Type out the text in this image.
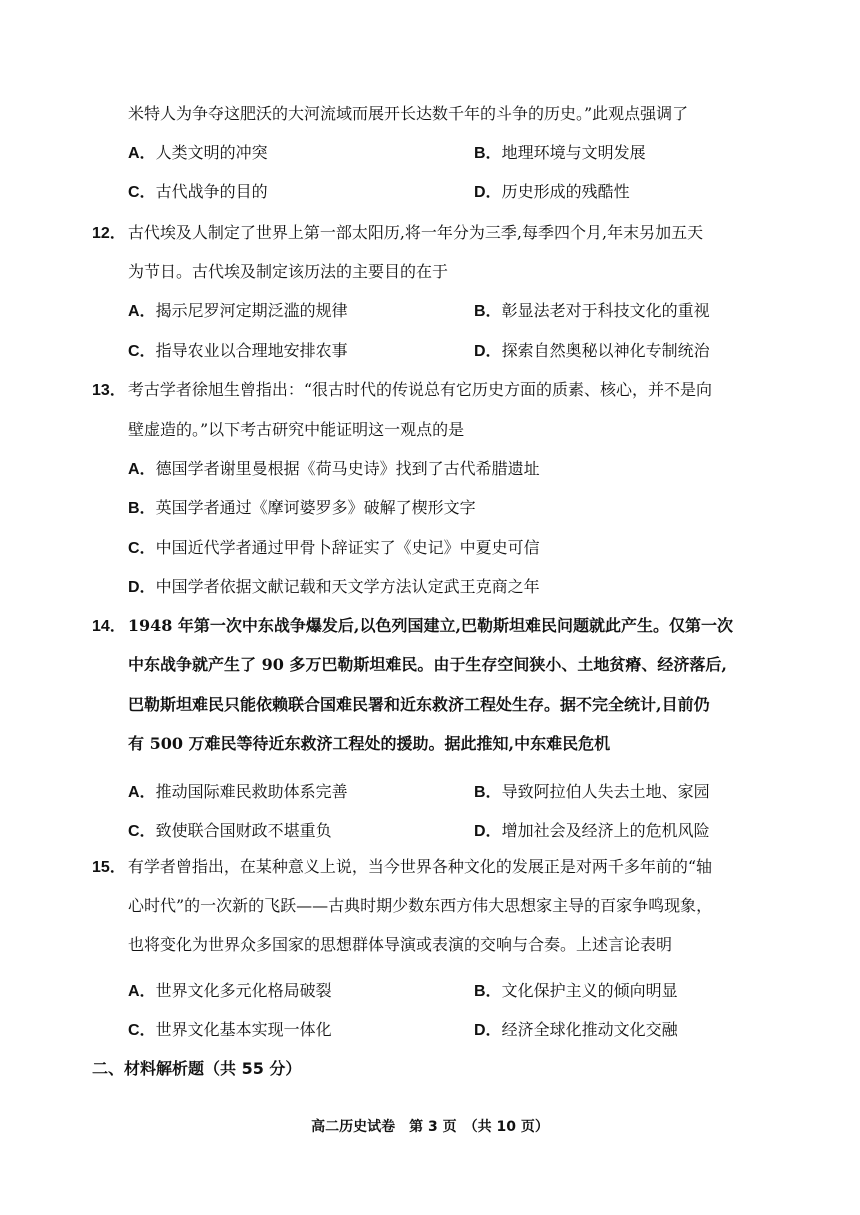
米特人为争夺这肥沃的大河流域而展开长达数千年的斗争的历史。”此观点强调了
A．人类文明的冲突	B．地理环境与文明发展
C．古代战争的目的	D．历史形成的残酷性
12． 古代埃及人制定了世界上第一部太阳历,将一年分为三季,每季四个月,年末另加五天
为节日。古代埃及制定该历法的主要目的在于
A．揭示尼罗河定期泛滥的规律	B．彰显法老对于科技文化的重视
C．指导农业以合理地安排农事	D．探索自然奥秘以神化专制统治
13． 考古学者徐旭生曾指出：“很古时代的传说总有它历史方面的质素、核心，并不是向
壁虚造的。”以下考古研究中能证明这一观点的是
A．德国学者谢里曼根据《荷马史诗》找到了古代希腊遗址
B．英国学者通过《摩诃婆罗多》破解了楔形文字
C．中国近代学者通过甲骨卜辞证实了《史记》中夏史可信
D．中国学者依据文献记载和天文学方法认定武王克商之年
14． 1948 年第一次中东战争爆发后,以色列国建立,巴勒斯坦难民问题就此产生。仅第一次
中东战争就产生了 90 多万巴勒斯坦难民。由于生存空间狭小、土地贫瘠、经济落后,
巴勒斯坦难民只能依赖联合国难民署和近东救济工程处生存。据不完全统计,目前仍
有 500 万难民等待近东救济工程处的援助。据此推知,中东难民危机
A．推动国际难民救助体系完善	B．导致阿拉伯人失去土地、家园
C．致使联合国财政不堪重负	D．增加社会及经济上的危机风险
15． 有学者曾指出，在某种意义上说，当今世界各种文化的发展正是对两千多年前的“轴
心时代”的一次新的飞跃——古典时期少数东西方伟大思想家主导的百家争鸣现象，
也将变化为世界众多国家的思想群体导演或表演的交响与合奏。上述言论表明
A．世界文化多元化格局破裂	B．文化保护主义的倾向明显
C．世界文化基本实现一体化	D．经济全球化推动文化交融
二、材料解析题（共 55 分）
高二历史试卷　第 3 页　（共 10 页）
